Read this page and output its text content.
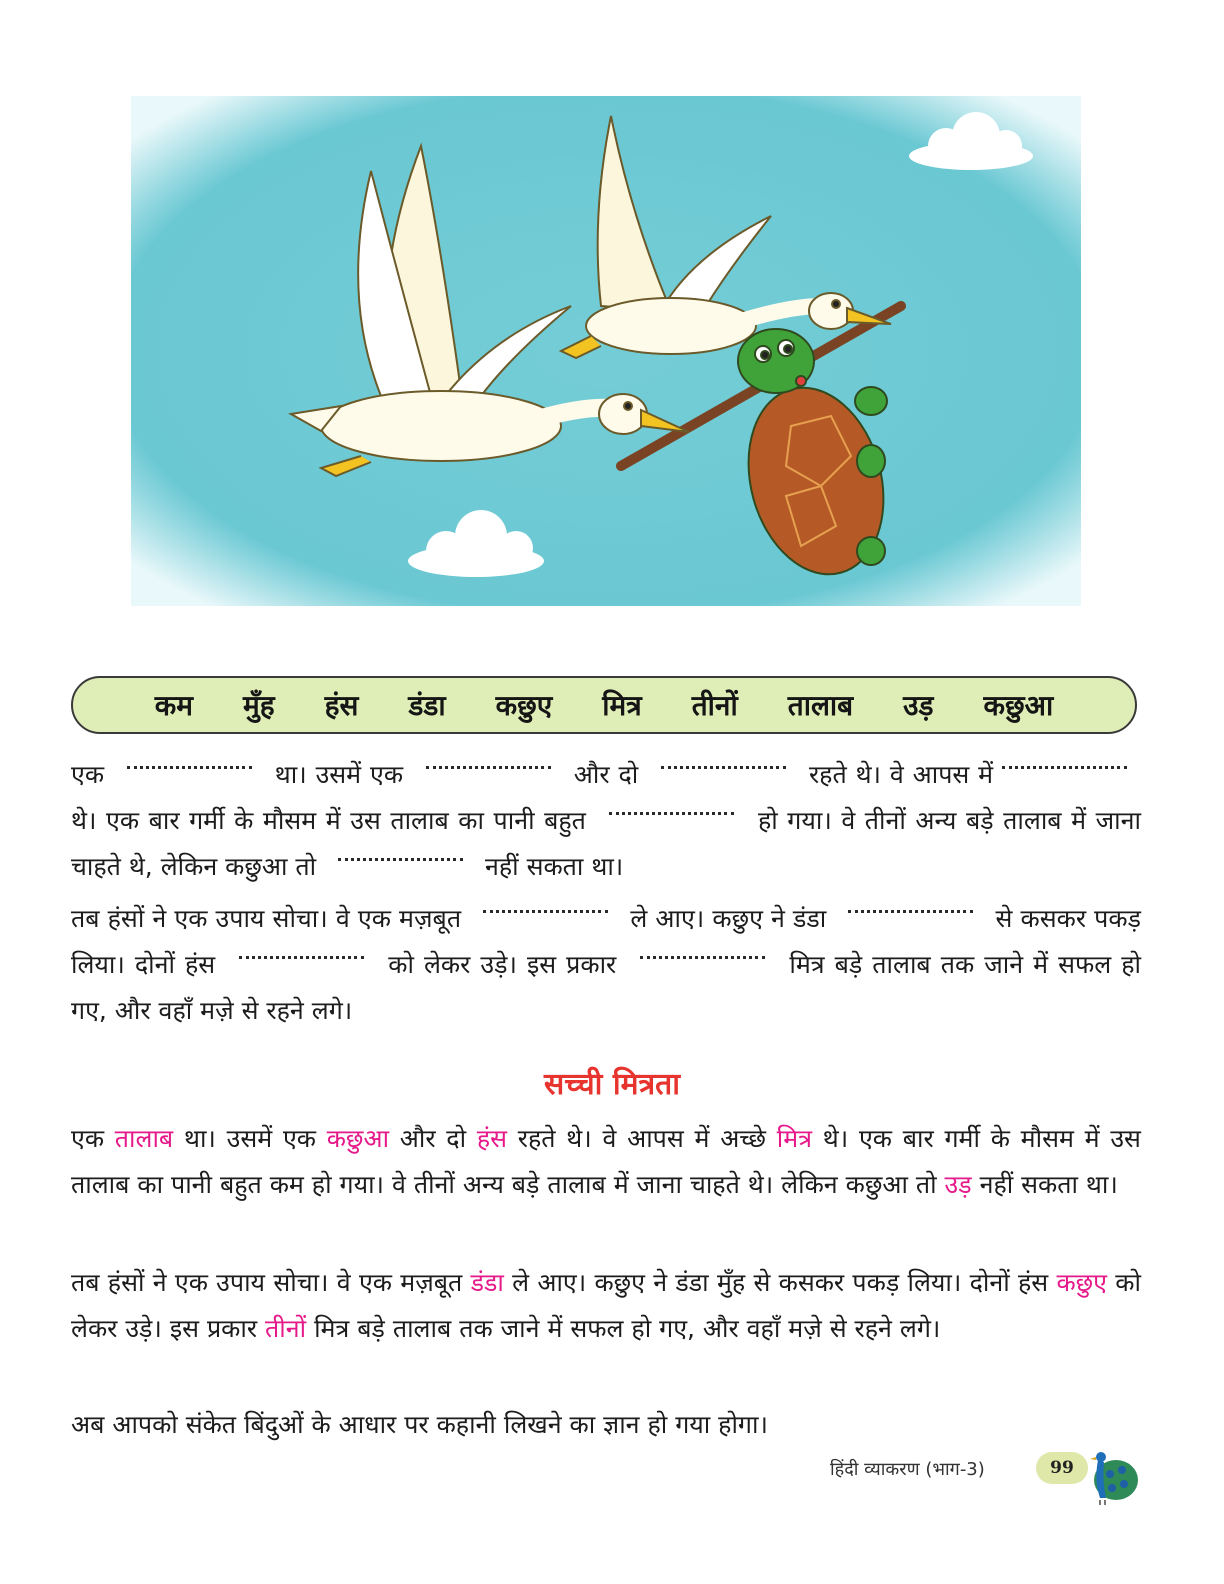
कम	मुँह	हंस	डंडा	कछुए	मित्र	तीनों	तालाब	उड़	कछुआ
एक	था। उसमें एक	और दो	रहते थे। वे आपस में  थे। एक बार गर्मी के मौसम में उस तालाब का पानी बहुत	हो गया। वे तीनों अन्य बड़े तालाब में जाना चाहते थे, लेकिन कछुआ तो	नहीं सकता था।
तब हंसों ने एक उपाय सोचा। वे एक मज़बूत	ले आए। कछुए ने डंडा	से कसकर पकड़ लिया। दोनों हंस	को लेकर उड़े। इस प्रकार	मित्र बड़े तालाब तक जाने में सफल हो गए, और वहाँ मज़े से रहने लगे।
सच्ची मित्रता
एक तालाब था। उसमें एक कछुआ और दो हंस रहते थे। वे आपस में अच्छे मित्र थे। एक बार गर्मी के मौसम में उस तालाब का पानी बहुत कम हो गया। वे तीनों अन्य बड़े तालाब में जाना चाहते थे। लेकिन कछुआ तो उड़ नहीं सकता था।
तब हंसों ने एक उपाय सोचा। वे एक मज़बूत डंडा ले आए। कछुए ने डंडा मुँह से कसकर पकड़ लिया। दोनों हंस कछुए को लेकर उड़े। इस प्रकार तीनों मित्र बड़े तालाब तक जाने में सफल हो गए, और वहाँ मज़े से रहने लगे।
अब आपको संकेत बिंदुओं के आधार पर कहानी लिखने का ज्ञान हो गया होगा।
हिंदी व्याकरण (भाग-3)	99
